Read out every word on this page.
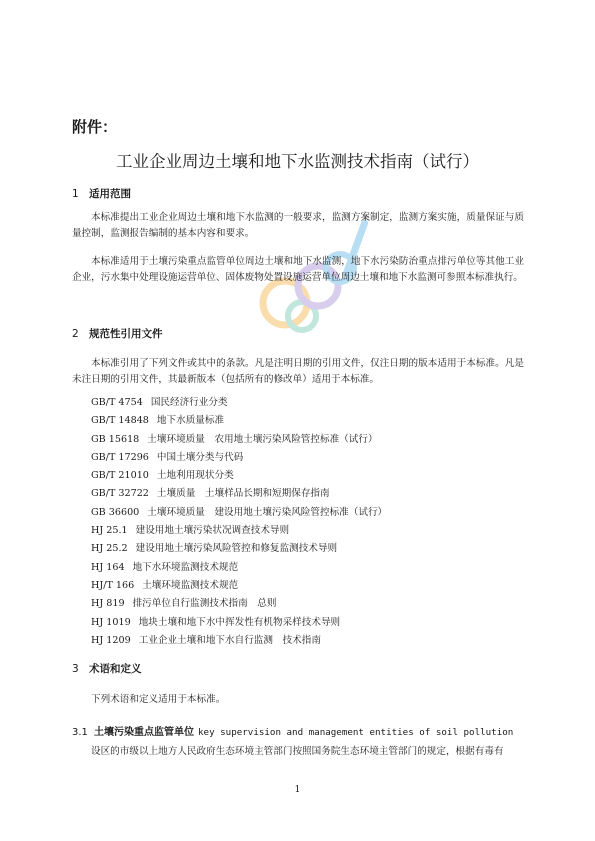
附件：
工业企业周边土壤和地下水监测技术指南（试行）
1 适用范围

本标准提出工业企业周边土壤和地下水监测的一般要求，监测方案制定，监测方案实施，质量保证与质量控制，监测报告编制的基本内容和要求。

本标准适用于土壤污染重点监管单位周边土壤和地下水监测，地下水污染防治重点排污单位等其他工业企业，污水集中处理设施运营单位、固体废物处置设施运营单位周边土壤和地下水监测可参照本标准执行。

2 规范性引用文件

本标准引用了下列文件或其中的条款。凡是注明日期的引用文件，仅注日期的版本适用于本标准。凡是未注日期的引用文件，其最新版本（包括所有的修改单）适用于本标准。

GB/T 4754 国民经济行业分类
GB/T 14848 地下水质量标准
GB 15618 土壤环境质量　农用地土壤污染风险管控标准（试行）
GB/T 17296 中国土壤分类与代码
GB/T 21010 土地利用现状分类
GB/T 32722 土壤质量　土壤样品长期和短期保存指南
GB 36600 土壤环境质量　建设用地土壤污染风险管控标准（试行）
HJ 25.1 建设用地土壤污染状况调查技术导则
HJ 25.2 建设用地土壤污染风险管控和修复监测技术导则
HJ 164 地下水环境监测技术规范
HJ/T 166 土壤环境监测技术规范
HJ 819 排污单位自行监测技术指南　总则
HJ 1019 地块土壤和地下水中挥发性有机物采样技术导则
HJ 1209 工业企业土壤和地下水自行监测　技术指南
3 术语和定义

下列术语和定义适用于本标准。

3.1 土壤污染重点监管单位 key supervision and management entities of soil pollution

设区的市级以上地方人民政府生态环境主管部门按照国务院生态环境主管部门的规定，根据有毒有

1
